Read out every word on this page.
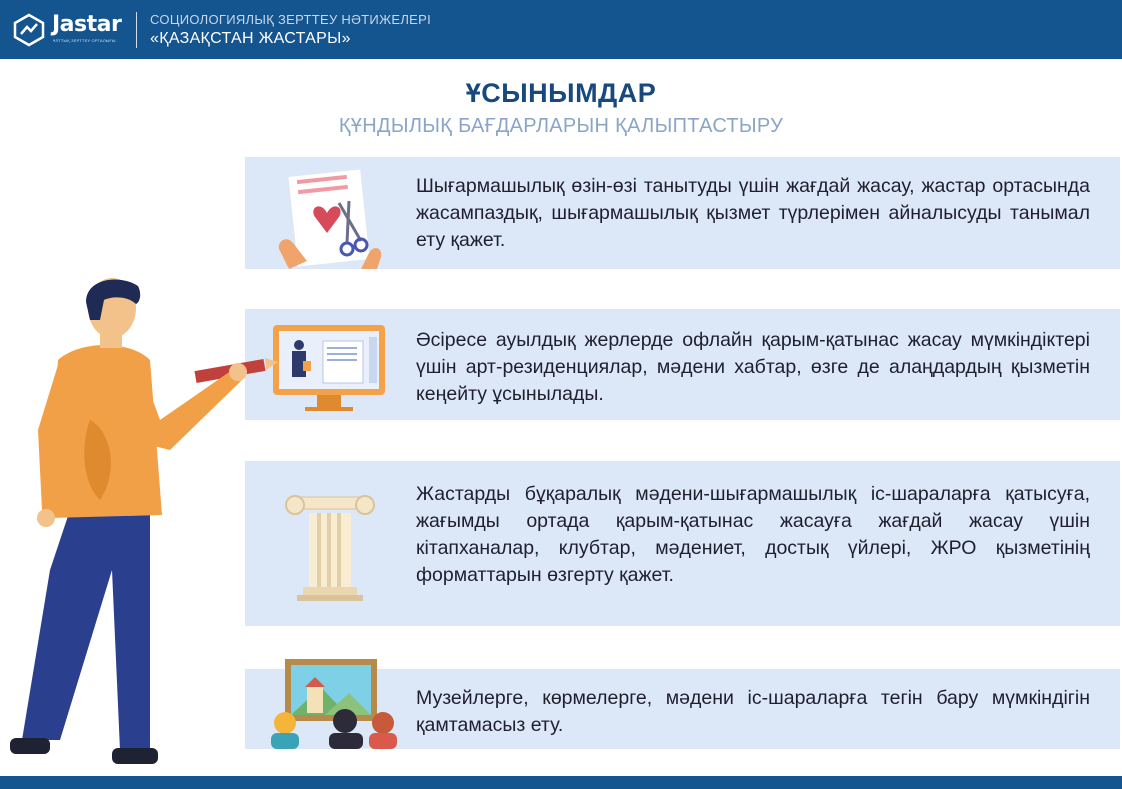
Jastar
ҰЛТТЫҚ ЗЕРТТЕУ ОРТАЛЫҒЫ
СОЦИОЛОГИЯЛЫҚ ЗЕРТТЕУ НӘТИЖЕЛЕРІ
«ҚАЗАҚСТАН ЖАСТАРЫ»
ҰСЫНЫМДАР
ҚҰНДЫЛЫҚ БАҒДАРЛАРЫН ҚАЛЫПТАСТЫРУ
Шығармашылық өзін-өзі танытуды үшін жағдай жасау, жастар ортасында жасампаздық, шығармашылық қызмет түрлерімен айналысуды танымал ету қажет.
Әсіресе ауылдық жерлерде офлайн қарым-қатынас жасау мүмкіндіктері үшін арт-резиденциялар, мәдени хабтар, өзге де алаңдардың қызметін кеңейту ұсынылады.
Жастарды бұқаралық мәдени-шығармашылық іс-шараларға қатысуға, жағымды ортада қарым-қатынас жасауға жағдай жасау үшін кітапханалар, клубтар, мәдениет, достық үйлері, ЖРО қызметінің форматтарын өзгерту қажет.
Музейлерге, көрмелерге, мәдени іс-шараларға тегін бару мүмкіндігін қамтамасыз ету.
